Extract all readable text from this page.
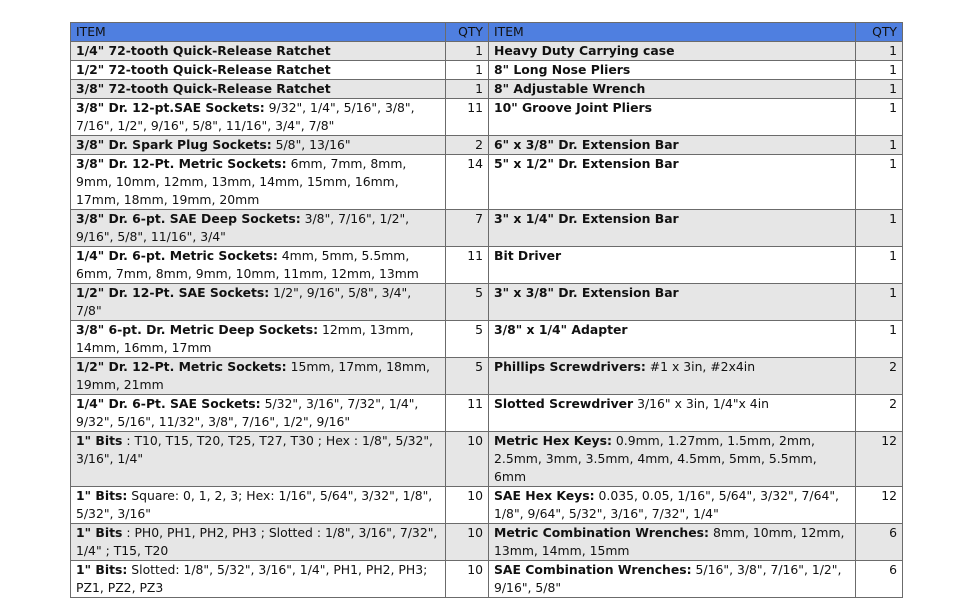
ITEM	QTY	ITEM	QTY
1/4" 72-tooth Quick-Release Ratchet	1	Heavy Duty Carrying case	1
1/2" 72-tooth Quick-Release Ratchet	1	8" Long Nose Pliers	1
3/8" 72-tooth Quick-Release Ratchet	1	8" Adjustable Wrench	1
3/8" Dr. 12-pt.SAE Sockets: 9/32", 1/4", 5/16", 3/8", 7/16", 1/2", 9/16", 5/8", 11/16", 3/4", 7/8"	11	10" Groove Joint Pliers	1
3/8" Dr. Spark Plug Sockets: 5/8", 13/16"	2	6" x 3/8" Dr. Extension Bar	1
3/8" Dr. 12-Pt. Metric Sockets: 6mm, 7mm, 8mm, 9mm, 10mm, 12mm, 13mm, 14mm, 15mm, 16mm, 17mm, 18mm, 19mm, 20mm	14	5" x 1/2" Dr. Extension Bar	1
3/8" Dr. 6-pt. SAE Deep Sockets: 3/8", 7/16", 1/2", 9/16", 5/8", 11/16", 3/4"	7	3" x 1/4" Dr. Extension Bar	1
1/4" Dr. 6-pt. Metric Sockets: 4mm, 5mm, 5.5mm, 6mm, 7mm, 8mm, 9mm, 10mm, 11mm, 12mm, 13mm	11	Bit Driver	1
1/2" Dr. 12-Pt. SAE Sockets: 1/2", 9/16", 5/8", 3/4", 7/8"	5	3" x 3/8" Dr. Extension Bar	1
3/8" 6-pt. Dr. Metric Deep Sockets: 12mm, 13mm, 14mm, 16mm, 17mm	5	3/8" x 1/4" Adapter	1
1/2" Dr. 12-Pt. Metric Sockets: 15mm, 17mm, 18mm, 19mm, 21mm	5	Phillips Screwdrivers: #1 x 3in, #2x4in	2
1/4" Dr. 6-Pt. SAE Sockets: 5/32", 3/16", 7/32", 1/4", 9/32", 5/16", 11/32", 3/8", 7/16", 1/2", 9/16"	11	Slotted Screwdriver 3/16" x 3in, 1/4"x 4in	2
1" Bits : T10, T15, T20, T25, T27, T30 ; Hex : 1/8", 5/32", 3/16", 1/4"	10	Metric Hex Keys: 0.9mm, 1.27mm, 1.5mm, 2mm, 2.5mm, 3mm, 3.5mm, 4mm, 4.5mm, 5mm, 5.5mm, 6mm	12
1" Bits: Square: 0, 1, 2, 3; Hex: 1/16", 5/64", 3/32", 1/8", 5/32", 3/16"	10	SAE Hex Keys: 0.035, 0.05, 1/16", 5/64", 3/32", 7/64", 1/8", 9/64", 5/32", 3/16", 7/32", 1/4"	12
1" Bits : PH0, PH1, PH2, PH3 ; Slotted : 1/8", 3/16", 7/32", 1/4" ; T15, T20	10	Metric Combination Wrenches: 8mm, 10mm, 12mm, 13mm, 14mm, 15mm	6
1" Bits: Slotted: 1/8", 5/32", 3/16", 1/4", PH1, PH2, PH3; PZ1, PZ2, PZ3	10	SAE Combination Wrenches: 5/16", 3/8", 7/16", 1/2", 9/16", 5/8"	6
